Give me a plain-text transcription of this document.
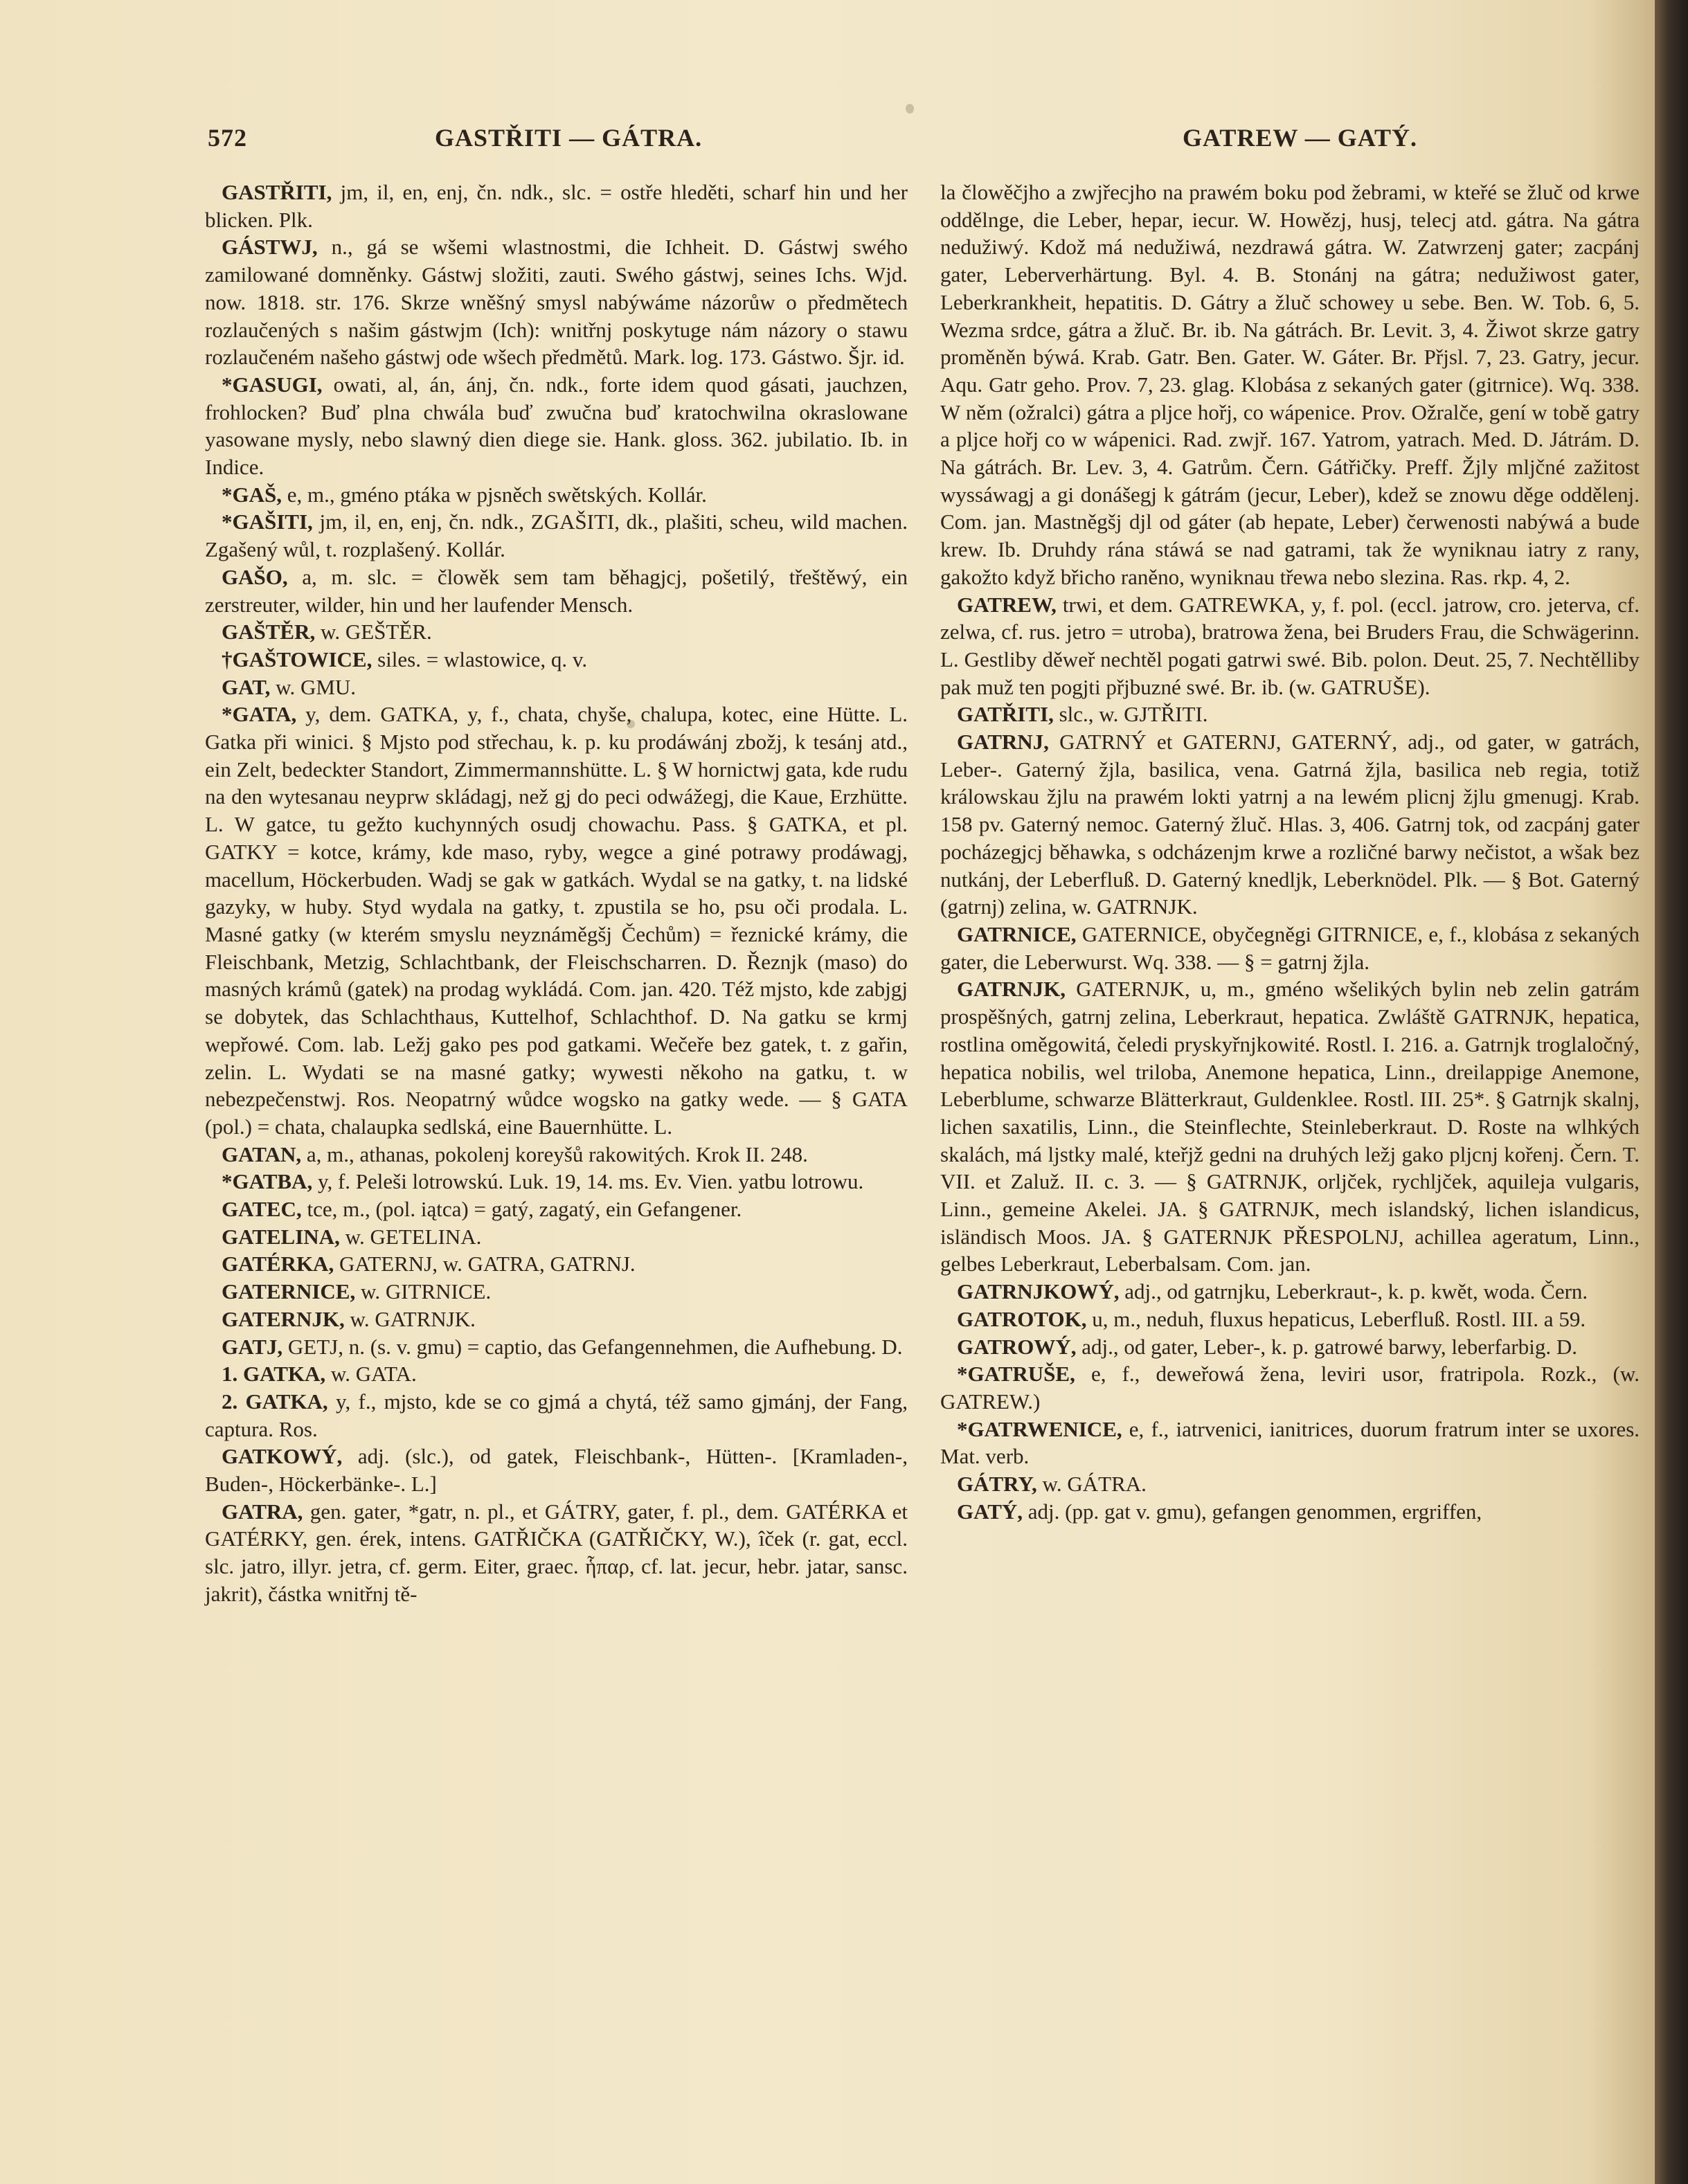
572	GASTŘITI — GÁTRA.	GATREW — GATÝ.

GASTŘITI, jm, il, en, enj, čn. ndk., slc. = ostře hleděti, scharf hin und her blicken. Plk.

GÁSTWJ, n., gá se wšemi wlastnostmi, die Ichheit. D. Gástwj swého zamilowané domněnky. Gástwj složiti, zauti. Swého gástwj, seines Ichs. Wjd. now. 1818. str. 176. Skrze wněšný smysl nabýwáme názorůw o předmětech rozlaučených s našim gástwjm (Ich): wnitřnj poskytuge nám názory o stawu rozlaučeném našeho gástwj ode wšech předmětů. Mark. log. 173. Gástwo. Šjr. id.

*GASUGI, owati, al, án, ánj, čn. ndk., forte idem quod gásati, jauchzen, frohlocken? Buď plna chwála buď zwučna buď kratochwilna okraslowane yasowane mysly, nebo slawný dien diege sie. Hank. gloss. 362. jubilatio. Ib. in Indice.

*GAŠ, e, m., gméno ptáka w pjsněch swětských. Kollár.

*GAŠITI, jm, il, en, enj, čn. ndk., ZGAŠITI, dk., plašiti, scheu, wild machen. Zgašený wůl, t. rozplašený. Kollár.

GAŠO, a, m. slc. = člowěk sem tam běhagjcj, pošetilý, třeštěwý, ein zerstreuter, wilder, hin und her laufender Mensch.

GAŠTĚR, w. GEŠTĚR.

†GAŠTOWICE, siles. = wlastowice, q. v.

GAT, w. GMU.

*GATA, y, dem. GATKA, y, f., chata, chyše, chalupa, kotec, eine Hütte. L. Gatka při winici. § Mjsto pod střechau, k. p. ku prodáwánj zbožj, k tesánj atd., ein Zelt, bedeckter Standort, Zimmermannshütte. L. § W hornictwj gata, kde rudu na den wytesanau neyprw skládagj, než gj do peci odwážegj, die Kaue, Erzhütte. L. W gatce, tu gežto kuchynných osudj chowachu. Pass. § GATKA, et pl. GATKY = kotce, krámy, kde maso, ryby, wegce a giné potrawy prodáwagj, macellum, Höckerbuden. Wadj se gak w gatkách. Wydal se na gatky, t. na lidské gazyky, w huby. Styd wydala na gatky, t. zpustila se ho, psu oči prodala. L. Masné gatky (w kterém smyslu neyznáměgšj Čechům) = řeznické krámy, die Fleischbank, Metzig, Schlachtbank, der Fleischscharren. D. Řeznjk (maso) do masných krámů (gatek) na prodag wykládá. Com. jan. 420. Též mjsto, kde zabjgj se dobytek, das Schlachthaus, Kuttelhof, Schlachthof. D. Na gatku se krmj wepřowé. Com. lab. Ležj gako pes pod gatkami. Wečeře bez gatek, t. z gařin, zelin. L. Wydati se na masné gatky; wywesti někoho na gatku, t. w nebezpečenstwj. Ros. Neopatrný wůdce wogsko na gatky wede. — § GATA (pol.) = chata, chalaupka sedlská, eine Bauernhütte. L.

GATAN, a, m., athanas, pokolenj koreyšů rakowitých. Krok II. 248.

*GATBA, y, f. Peleši lotrowskú. Luk. 19, 14. ms. Ev. Vien. yatbu lotrowu.

GATEC, tce, m., (pol. iątca) = gatý, zagatý, ein Gefangener.

GATELINA, w. GETELINA.

GATÉRKA, GATERNJ, w. GATRA, GATRNJ.

GATERNICE, w. GITRNICE.

GATERNJK, w. GATRNJK.

GATJ, GETJ, n. (s. v. gmu) = captio, das Gefangennehmen, die Aufhebung. D.

1. GATKA, w. GATA.

2. GATKA, y, f., mjsto, kde se co gjmá a chytá, též samo gjmánj, der Fang, captura. Ros.

GATKOWÝ, adj. (slc.), od gatek, Fleischbank-, Hütten-. [Kramladen-, Buden-, Höckerbänke-. L.]

GATRA, gen. gater, *gatr, n. pl., et GÁTRY, gater, f. pl., dem. GATÉRKA et GATÉRKY, gen. érek, intens. GATŘIČKA (GATŘIČKY, W.), îček (r. gat, eccl. slc. jatro, illyr. jetra, cf. germ. Eiter, graec. ἧπαρ, cf. lat. jecur, hebr. jatar, sansc. jakrit), částka wnitřnj tě-

la člowěčjho a zwjřecjho na prawém boku pod žebrami, w kteřé se žluč od krwe oddělnge, die Leber, hepar, iecur. W. Howězj, husj, telecj atd. gátra. Na gátra nedužiwý. Kdož má nedužiwá, nezdrawá gátra. W. Zatwrzenj gater; zacpánj gater, Leberverhärtung. Byl. 4. B. Stonánj na gátra; nedužiwost gater, Leberkrankheit, hepatitis. D. Gátry a žluč schowey u sebe. Ben. W. Tob. 6, 5. Wezma srdce, gátra a žluč. Br. ib. Na gátrách. Br. Levit. 3, 4. Žiwot skrze gatry proměněn býwá. Krab. Gatr. Ben. Gater. W. Gáter. Br. Přjsl. 7, 23. Gatry, jecur. Aqu. Gatr geho. Prov. 7, 23. glag. Klobása z sekaných gater (gitrnice). Wq. 338. W něm (ožralci) gátra a pljce hořj, co wápenice. Prov. Ožralče, gení w tobě gatry a pljce hořj co w wápenici. Rad. zwjř. 167. Yatrom, yatrach. Med. D. Játrám. D. Na gátrách. Br. Lev. 3, 4. Gatrům. Čern. Gátřičky. Preff. Žjly mljčné zažitost wyssáwagj a gi donášegj k gátrám (jecur, Leber), kdež se znowu děge oddělenj. Com. jan. Mastněgšj djl od gáter (ab hepate, Leber) čerwenosti nabýwá a bude krew. Ib. Druhdy rána stáwá se nad gatrami, tak že wyniknau iatry z rany, gakožto když břicho raněno, wyniknau třewa nebo slezina. Ras. rkp. 4, 2.

GATREW, trwi, et dem. GATREWKA, y, f. pol. (eccl. jatrow, cro. jeterva, cf. zelwa, cf. rus. jetro = utroba), bratrowa žena, bei Bruders Frau, die Schwägerinn. L. Gestliby děweř nechtěl pogati gatrwi swé. Bib. polon. Deut. 25, 7. Nechtělliby pak muž ten pogjti přjbuzné swé. Br. ib. (w. GATRUŠE).

GATŘITI, slc., w. GJTŘITI.

GATRNJ, GATRNÝ et GATERNJ, GATERNÝ, adj., od gater, w gatrách, Leber-. Gaterný žjla, basilica, vena. Gatrná žjla, basilica neb regia, totiž králowskau žjlu na prawém lokti yatrnj a na lewém plicnj žjlu gmenugj. Krab. 158 pv. Gaterný nemoc. Gaterný žluč. Hlas. 3, 406. Gatrnj tok, od zacpánj gater pocházegjcj běhawka, s odcházenjm krwe a rozličné barwy nečistot, a wšak bez nutkánj, der Leberfluß. D. Gaterný knedljk, Leberknödel. Plk. — § Bot. Gaterný (gatrnj) zelina, w. GATRNJK.

GATRNICE, GATERNICE, obyčegněgi GITRNICE, e, f., klobása z sekaných gater, die Leberwurst. Wq. 338. — § = gatrnj žjla.

GATRNJK, GATERNJK, u, m., gméno wšelikých bylin neb zelin gatrám prospěšných, gatrnj zelina, Leberkraut, hepatica. Zwláště GATRNJK, hepatica, rostlina oměgowitá, čeledi pryskyřnjkowité. Rostl. I. 216. a. Gatrnjk troglaločný, hepatica nobilis, wel triloba, Anemone hepatica, Linn., dreilappige Anemone, Leberblume, schwarze Blätterkraut, Guldenklee. Rostl. III. 25*. § Gatrnjk skalnj, lichen saxatilis, Linn., die Steinflechte, Steinleberkraut. D. Roste na wlhkých skalách, má ljstky malé, kteřjž gedni na druhých ležj gako pljcnj kořenj. Čern. T. VII. et Zaluž. II. c. 3. — § GATRNJK, orljček, rychljček, aquileja vulgaris, Linn., gemeine Akelei. JA. § GATRNJK, mech islandský, lichen islandicus, isländisch Moos. JA. § GATERNJK PŘESPOLNJ, achillea ageratum, Linn., gelbes Leberkraut, Leberbalsam. Com. jan.

GATRNJKOWÝ, adj., od gatrnjku, Leberkraut-, k. p. kwět, woda. Čern.

GATROTOK, u, m., neduh, fluxus hepaticus, Leberfluß. Rostl. III. a 59.

GATROWÝ, adj., od gater, Leber-, k. p. gatrowé barwy, leberfarbig. D.

*GATRUŠE, e, f., deweřowá žena, leviri usor, fratripola. Rozk., (w. GATREW.)

*GATRWENICE, e, f., iatrvenici, ianitrices, duorum fratrum inter se uxores. Mat. verb.

GÁTRY, w. GÁTRA.

GATÝ, adj. (pp. gat v. gmu), gefangen genommen, ergriffen,
